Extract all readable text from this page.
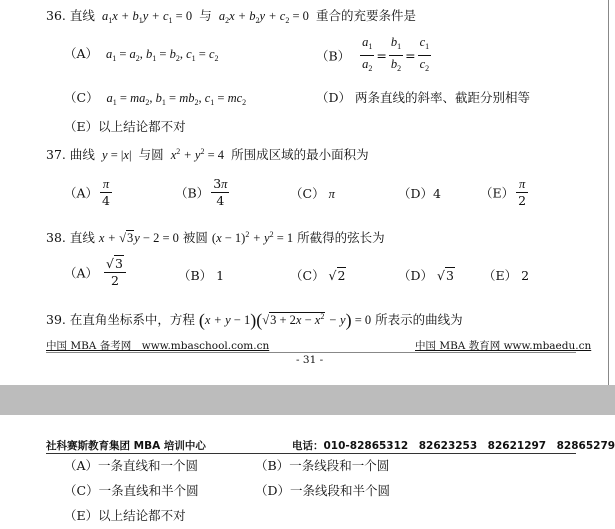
36. 直线  $a_1x + b_1y + c_1 = 0$ 与  $a_2x + b_2y + c_2 = 0$ 重合的充要条件是
（A） $a_1 = a_2$, $b_1 = b_2$, $c_1 = c_2$	$(B) \frac{a_1}{a_2} = \frac{b_1}{b_2} = \frac{c_1}{c_2}$
（C） $a_1 = ma_2$, $b_1 = mb_2$, $c_1 = mc_2$	（D） 两条直线的斜率、截距分别相等
（E）以上结论都不对
37. 曲线  y = |x| 与圆  $x^2 + y^2 = 4$ 所围成区域的最小面积为
$(A) \frac{\pi}{4}$	$(B) \frac{3\pi}{4}$	（C） π	（D）4	$(E) \frac{\pi}{2}$
38. 直线 x + √3y − 2 = 0 被圆 $(x - 1)^2 + y^2 = 1$ 所截得的弦长为
$(A) \frac{√3}{2}$	（B） 1	（C） √2	（D） √3 （E） 2
39. 在直角坐标系中，方程 $(x + y - 1)(√3 + 2x - x^2 - y) = 0$ 所表示的曲线为
中国 MBA 备考网　www.mbaschool.com.cn	中国 MBA 教育网 www.mbaedu.cn
- 31 -
社科赛斯教育集团 MBA 培训中心	电话：010-82865312　82623253　82621297　82865279
（A）一条直线和一个圆	（B）一条线段和一个圆
（C）一条直线和半个圆	（D）一条线段和半个圆
（E）以上结论都不对
